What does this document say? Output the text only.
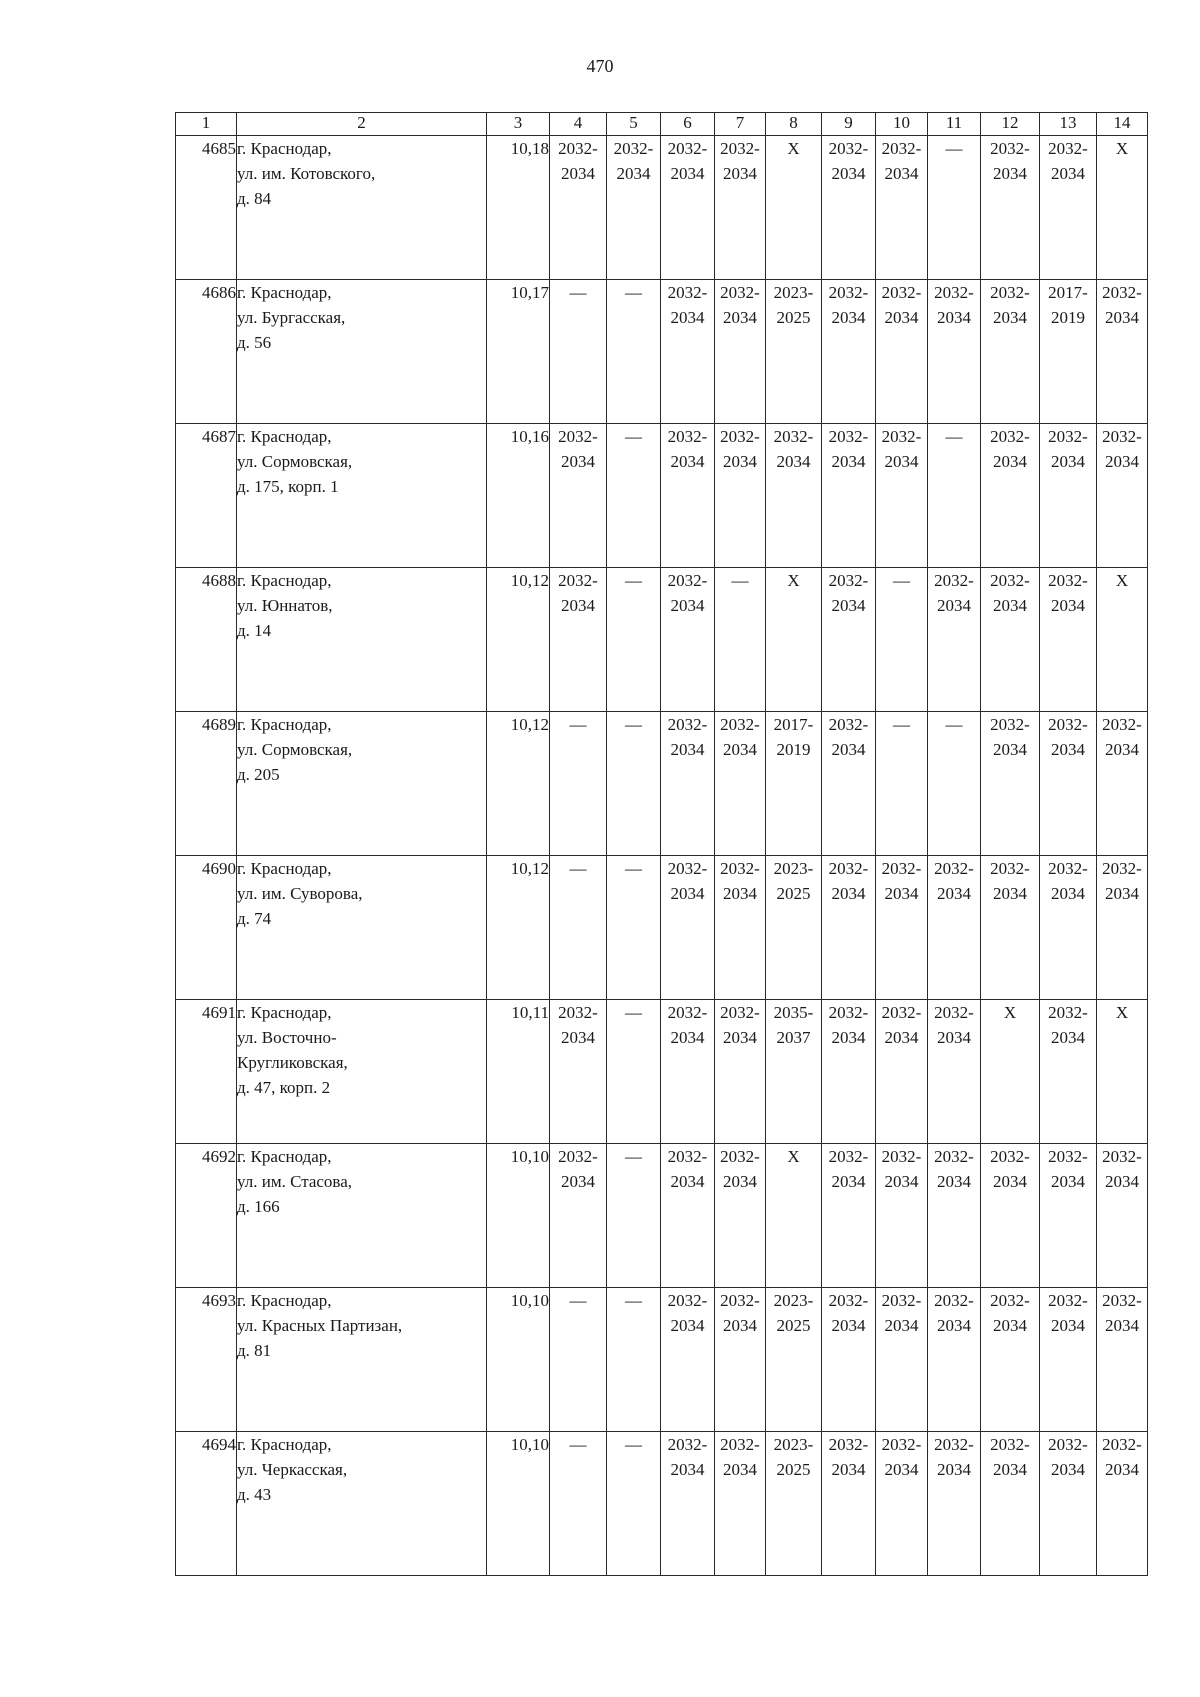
470
1	2	3	4	5	6	7	8	9	10	11	12	13	14
4685	г. Краснодар,
ул. им. Котовского,
д. 84	10,18	2032-
2034	2032-
2034	2032-
2034	2032-
2034	X	2032-
2034	2032-
2034	—	2032-
2034	2032-
2034	X

4686	г. Краснодар,
ул. Бургасская,
д. 56	10,17	—	—	2032-
2034	2032-
2034	2023-
2025	2032-
2034	2032-
2034	2032-
2034	2032-
2034	2017-
2019	2032-
2034

4687	г. Краснодар,
ул. Сормовская,
д. 175, корп. 1	10,16	2032-
2034	—	2032-
2034	2032-
2034	2032-
2034	2032-
2034	2032-
2034	—	2032-
2034	2032-
2034	2032-
2034

4688	г. Краснодар,
ул. Юннатов,
д. 14	10,12	2032-
2034	—	2032-
2034	—	X	2032-
2034	—	2032-
2034	2032-
2034	2032-
2034	X

4689	г. Краснодар,
ул. Сормовская,
д. 205	10,12	—	—	2032-
2034	2032-
2034	2017-
2019	2032-
2034	—	—	2032-
2034	2032-
2034	2032-
2034

4690	г. Краснодар,
ул. им. Суворова,
д. 74	10,12	—	—	2032-
2034	2032-
2034	2023-
2025	2032-
2034	2032-
2034	2032-
2034	2032-
2034	2032-
2034	2032-
2034

4691	г. Краснодар,
ул. Восточно-
Кругликовская,
д. 47, корп. 2	10,11	2032-
2034	—	2032-
2034	2032-
2034	2035-
2037	2032-
2034	2032-
2034	2032-
2034	X	2032-
2034	X

4692	г. Краснодар,
ул. им. Стасова,
д. 166	10,10	2032-
2034	—	2032-
2034	2032-
2034	X	2032-
2034	2032-
2034	2032-
2034	2032-
2034	2032-
2034	2032-
2034

4693	г. Краснодар,
ул. Красных Партизан,
д. 81	10,10	—	—	2032-
2034	2032-
2034	2023-
2025	2032-
2034	2032-
2034	2032-
2034	2032-
2034	2032-
2034	2032-
2034

4694	г. Краснодар,
ул. Черкасская,
д. 43	10,10	—	—	2032-
2034	2032-
2034	2023-
2025	2032-
2034	2032-
2034	2032-
2034	2032-
2034	2032-
2034	2032-
2034
